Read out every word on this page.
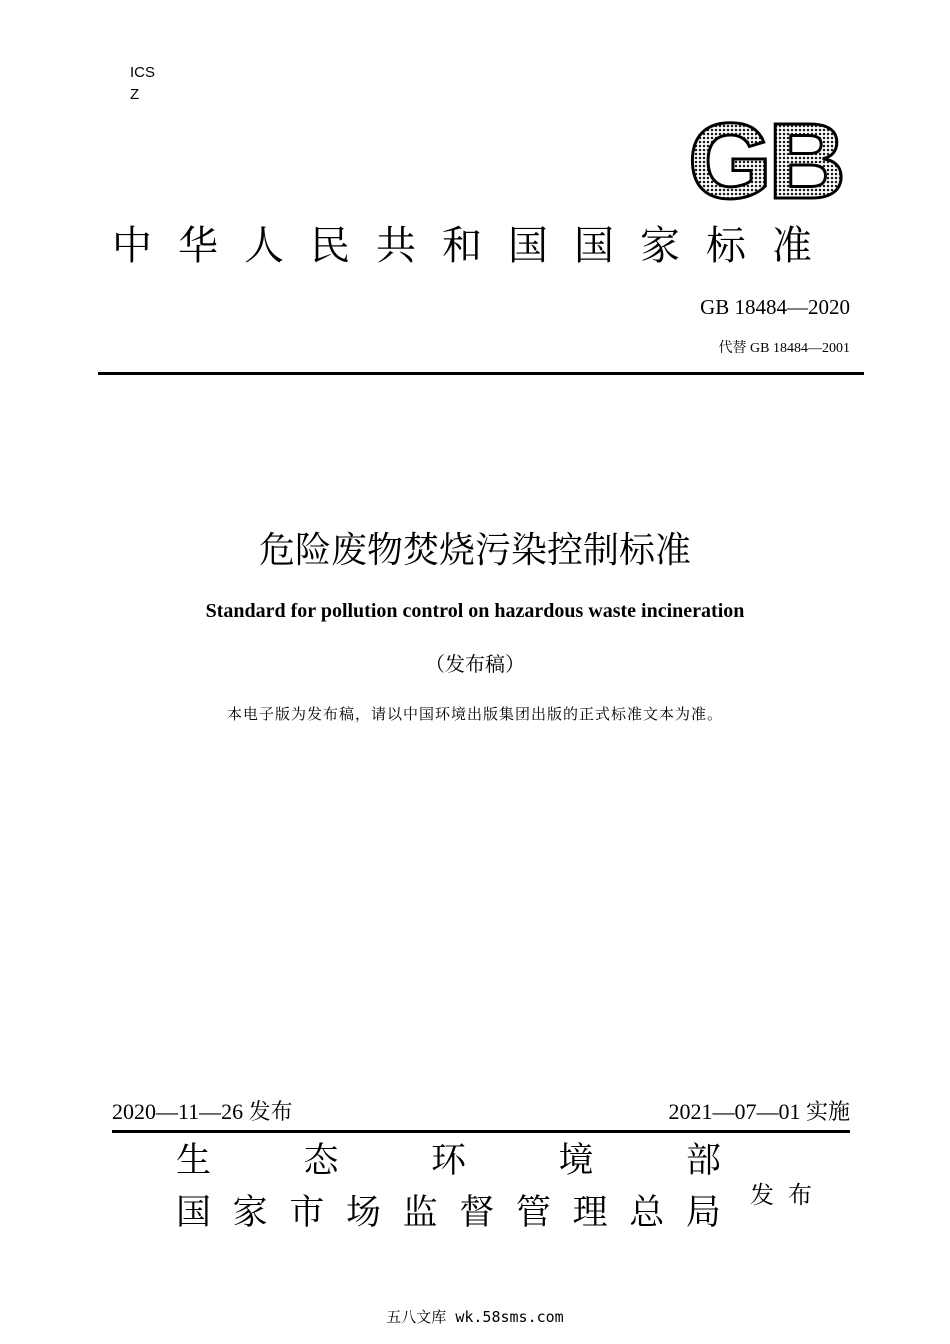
ICS
Z
GB
中华人民共和国国家标准
GB 18484—2020
代替 GB 18484—2001
危险废物焚烧污染控制标准
Standard for pollution control on hazardous waste incineration
（发布稿）
本电子版为发布稿，请以中国环境出版集团出版的正式标准文本为准。
2020—11—26 发布	2021—07—01 实施
生	态	环	境	部
国 家 市 场 监 督 管 理 总 局 发布
五八文库 wk.58sms.com
